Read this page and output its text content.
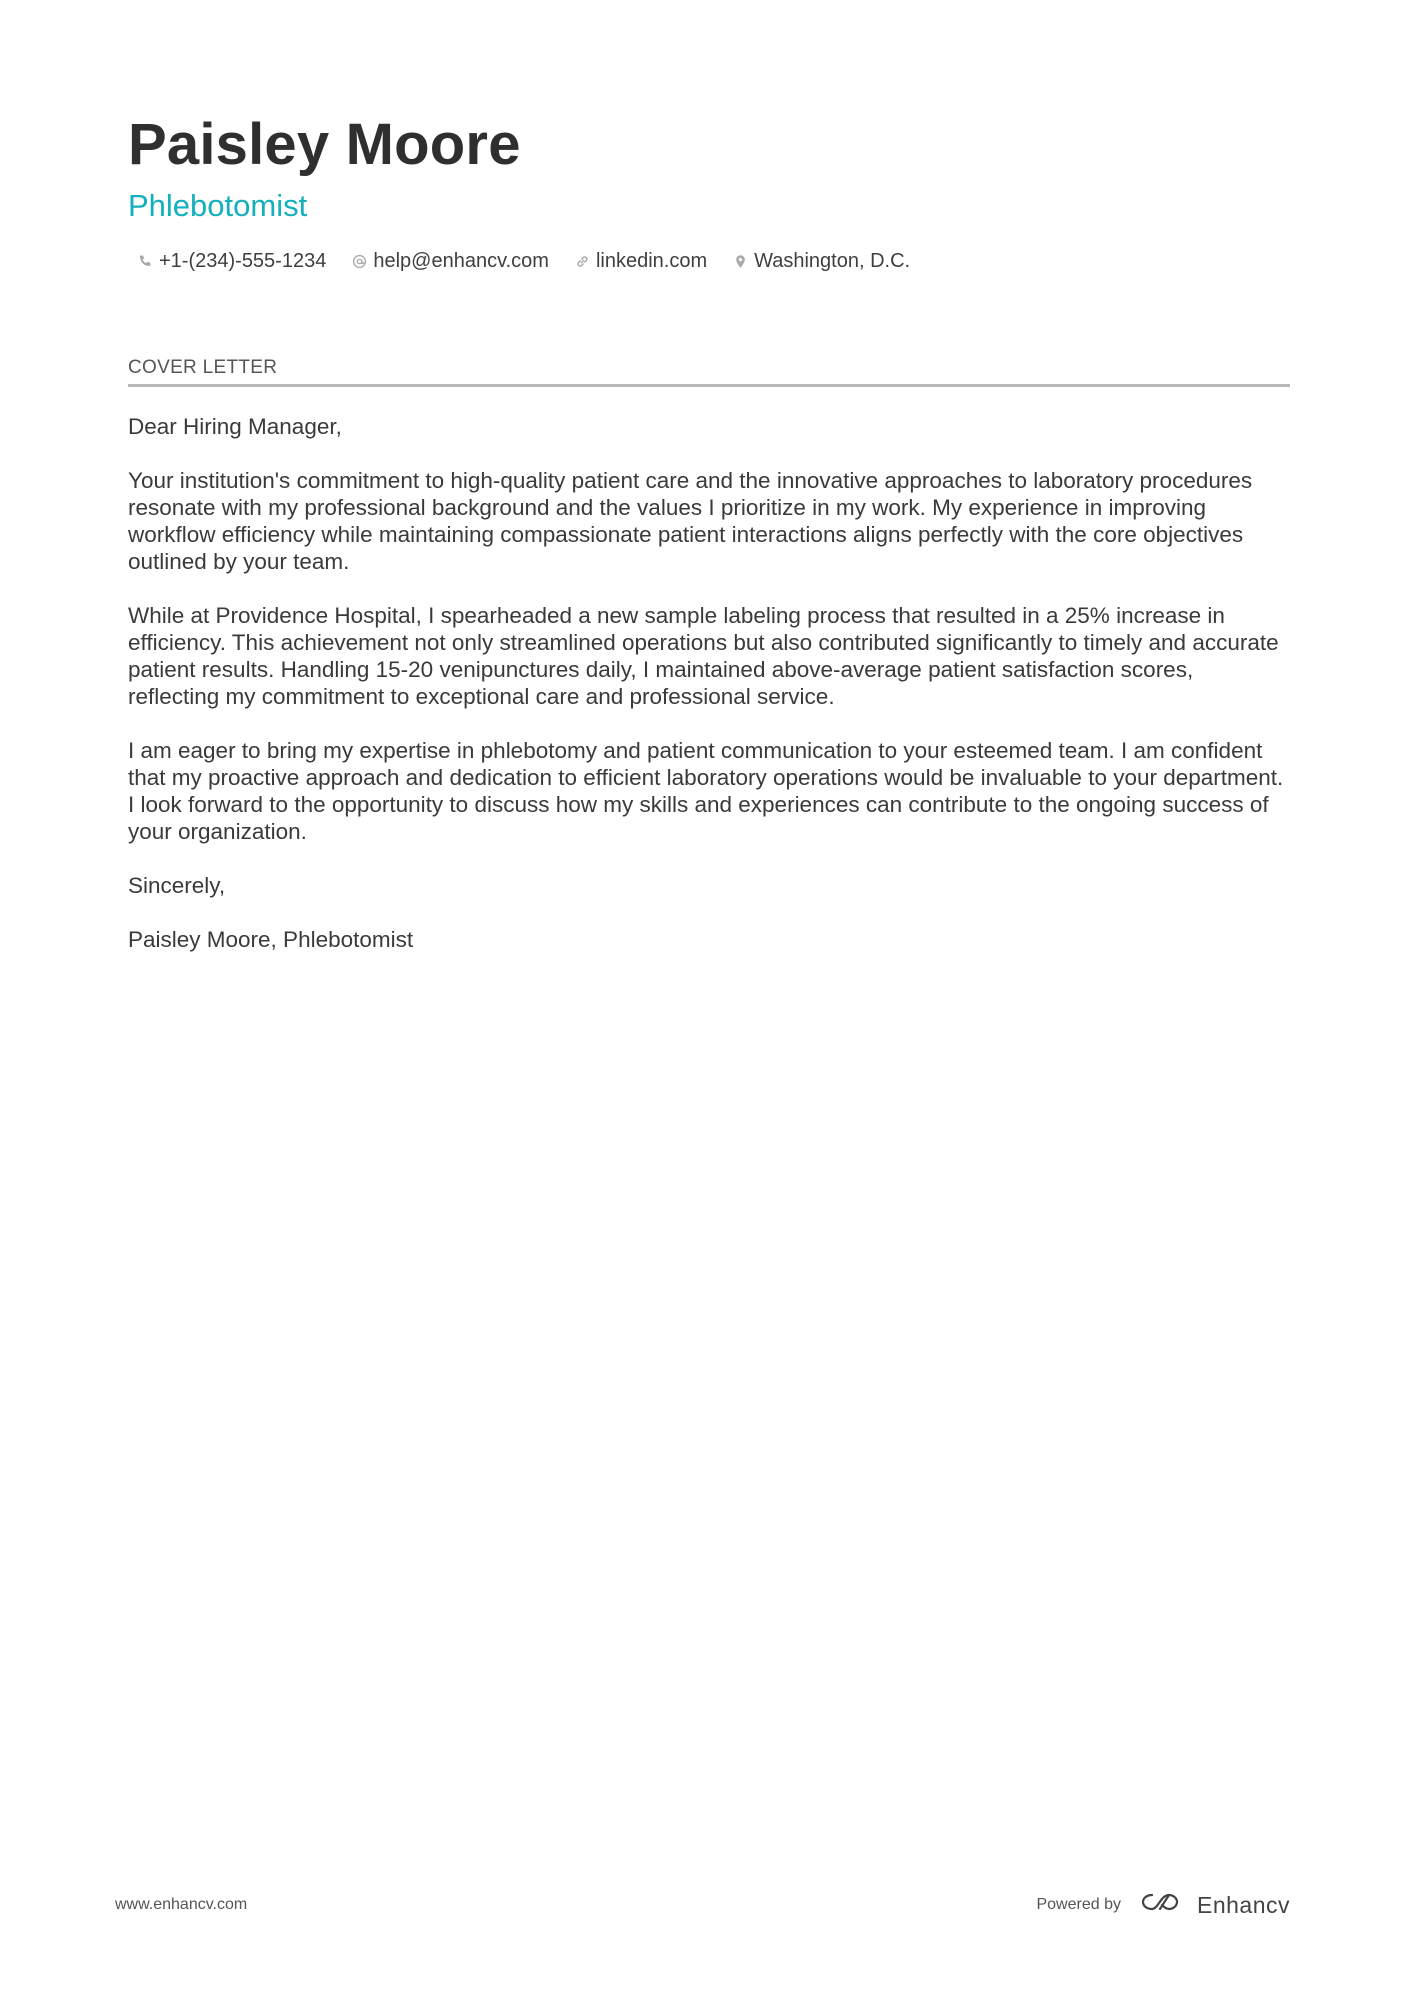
Paisley Moore
Phlebotomist
+1-(234)-555-1234 help@enhancv.com linkedin.com Washington, D.C.
COVER LETTER

Dear Hiring Manager,

Your institution's commitment to high-quality patient care and the innovative approaches to laboratory procedures resonate with my professional background and the values I prioritize in my work. My experience in improving workflow efficiency while maintaining compassionate patient interactions aligns perfectly with the core objectives outlined by your team.

While at Providence Hospital, I spearheaded a new sample labeling process that resulted in a 25% increase in efficiency. This achievement not only streamlined operations but also contributed significantly to timely and accurate patient results. Handling 15-20 venipunctures daily, I maintained above-average patient satisfaction scores, reflecting my commitment to exceptional care and professional service.

I am eager to bring my expertise in phlebotomy and patient communication to your esteemed team. I am confident that my proactive approach and dedication to efficient laboratory operations would be invaluable to your department. I look forward to the opportunity to discuss how my skills and experiences can contribute to the ongoing success of your organization.

Sincerely,

Paisley Moore, Phlebotomist

www.enhancv.com	Powered by	Enhancv
